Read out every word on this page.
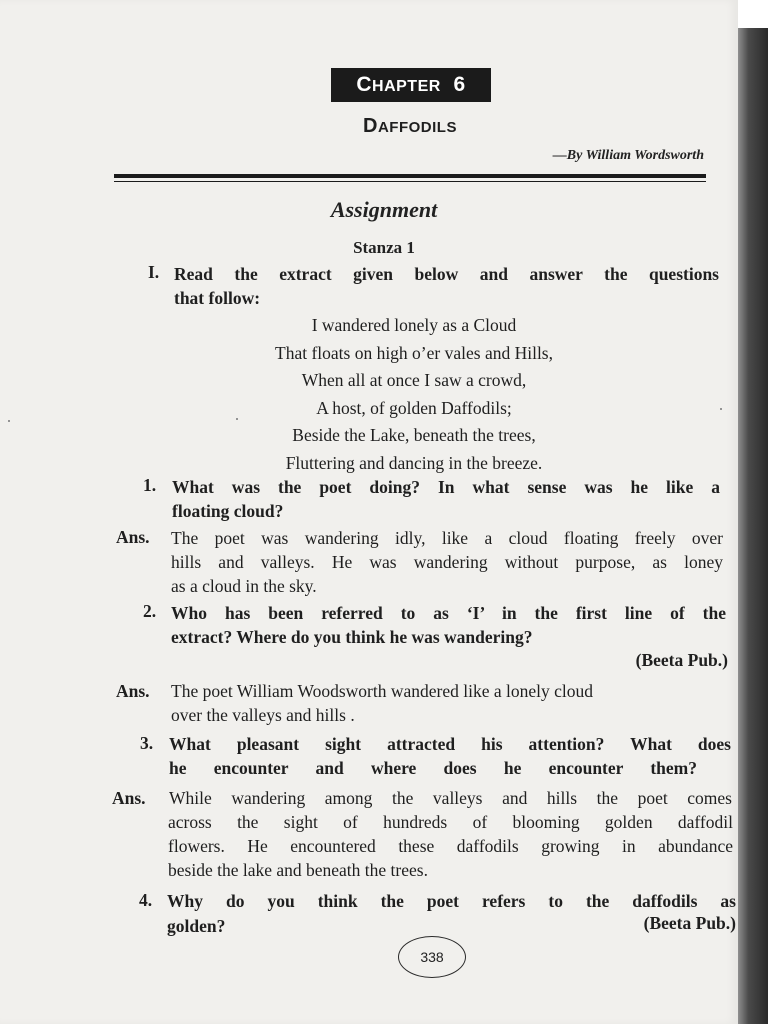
CHAPTER 6
DAFFODILS
—By William Wordsworth
Assignment
Stanza 1
I. Read the extract given below and answer the questions
that follow:
I wandered lonely as a Cloud
That floats on high o’er vales and Hills,
When all at once I saw a crowd,
A host, of golden Daffodils;
Beside the Lake, beneath the trees,
Fluttering and dancing in the breeze.
1. What was the poet doing? In what sense was he like a
floating cloud?
Ans. The poet was wandering idly, like a cloud floating freely over
hills and valleys. He was wandering without purpose, as loney
as a cloud in the sky.
2. Who has been referred to as ‘I’ in the first line of the
extract? Where do you think he was wandering?
(Beeta Pub.)
Ans. The poet William Woodsworth wandered like a lonely cloud
over the valleys and hills .
3. What pleasant sight attracted his attention? What does
he encounter and where does he encounter them?
Ans. While wandering among the valleys and hills the poet comes
across the sight of hundreds of blooming golden daffodil
flowers. He encountered these daffodils growing in abundance
beside the lake and beneath the trees.
4. Why do you think the poet refers to the daffodils as
golden?	(Beeta Pub.)
338
